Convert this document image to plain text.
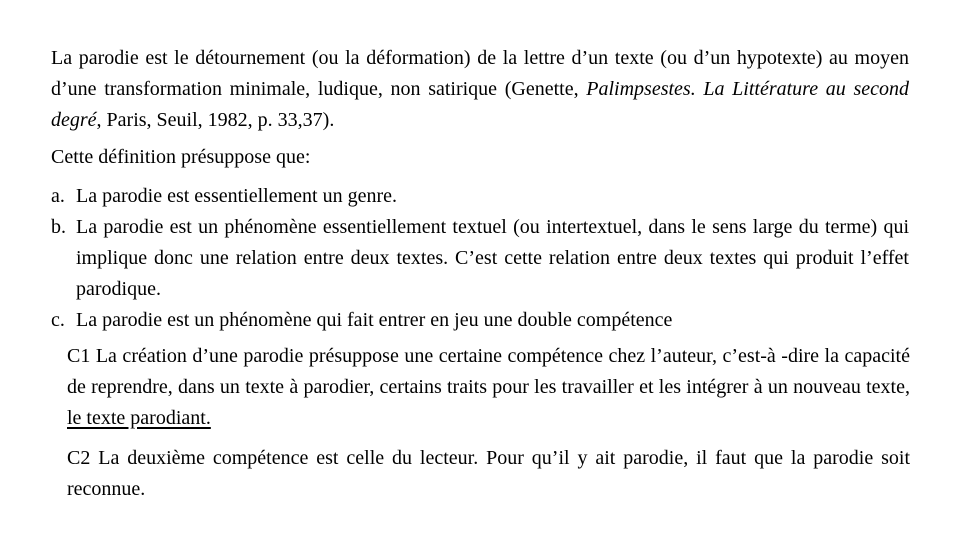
La parodie est le détournement (ou la déformation) de la lettre d’un texte (ou d’un hypotexte) au moyen d’une transformation minimale, ludique, non satirique (Genette, Palimpsestes. La Littérature au second degré, Paris, Seuil, 1982, p. 33,37).

Cette définition présuppose que:
a. La parodie est essentiellement un genre.
b. La parodie est un phénomène essentiellement textuel (ou intertextuel, dans le sens large du terme) qui implique donc une relation entre deux textes. C’est cette relation entre deux textes qui produit l’effet parodique.
c. La parodie est un phénomène qui fait entrer en jeu une double compétence

C1 La création d’une parodie présuppose une certaine compétence chez l’auteur, c’est-à -dire la capacité de reprendre, dans un texte à parodier, certains traits pour les travailler et les intégrer à un nouveau texte, le texte parodiant.

C2 La deuxième compétence est celle du lecteur. Pour qu’il y ait parodie, il faut que la parodie soit reconnue.
